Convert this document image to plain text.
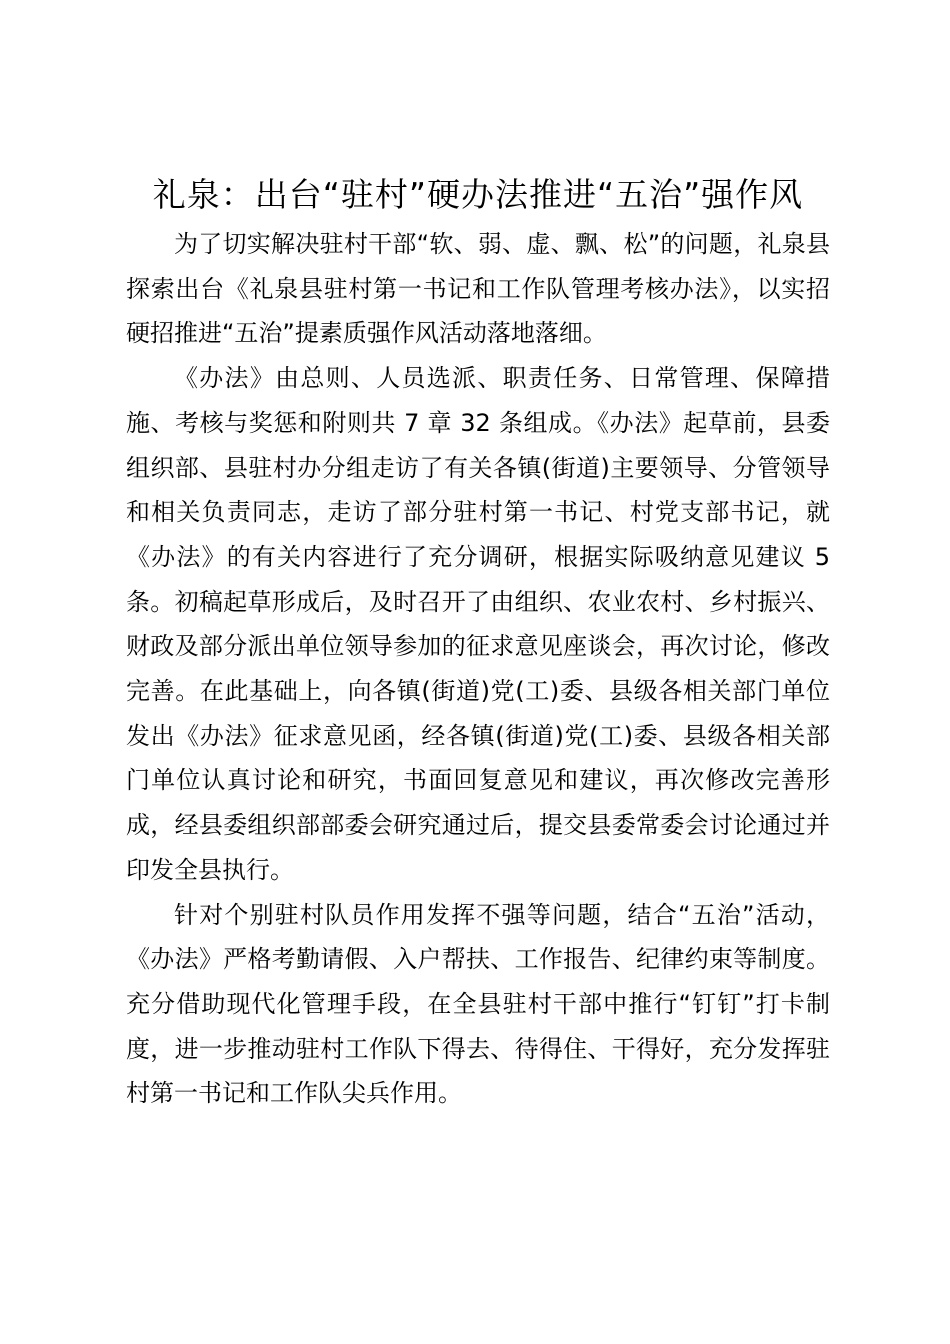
礼泉：出台“驻村”硬办法推进“五治”强作风

为了切实解决驻村干部“软、弱、虚、飘、松”的问题，礼泉县探索出台《礼泉县驻村第一书记和工作队管理考核办法》，以实招硬招推进“五治”提素质强作风活动落地落细。

《办法》由总则、人员选派、职责任务、日常管理、保障措施、考核与奖惩和附则共 7 章 32 条组成。《办法》起草前，县委组织部、县驻村办分组走访了有关各镇(街道)主要领导、分管领导和相关负责同志，走访了部分驻村第一书记、村党支部书记，就《办法》的有关内容进行了充分调研，根据实际吸纳意见建议 5 条。初稿起草形成后，及时召开了由组织、农业农村、乡村振兴、财政及部分派出单位领导参加的征求意见座谈会，再次讨论，修改完善。在此基础上，向各镇(街道)党(工)委、县级各相关部门单位发出《办法》征求意见函，经各镇(街道)党(工)委、县级各相关部门单位认真讨论和研究，书面回复意见和建议，再次修改完善形成，经县委组织部部委会研究通过后，提交县委常委会讨论通过并印发全县执行。

针对个别驻村队员作用发挥不强等问题，结合“五治”活动，《办法》严格考勤请假、入户帮扶、工作报告、纪律约束等制度。充分借助现代化管理手段，在全县驻村干部中推行“钉钉”打卡制度，进一步推动驻村工作队下得去、待得住、干得好，充分发挥驻村第一书记和工作队尖兵作用。
